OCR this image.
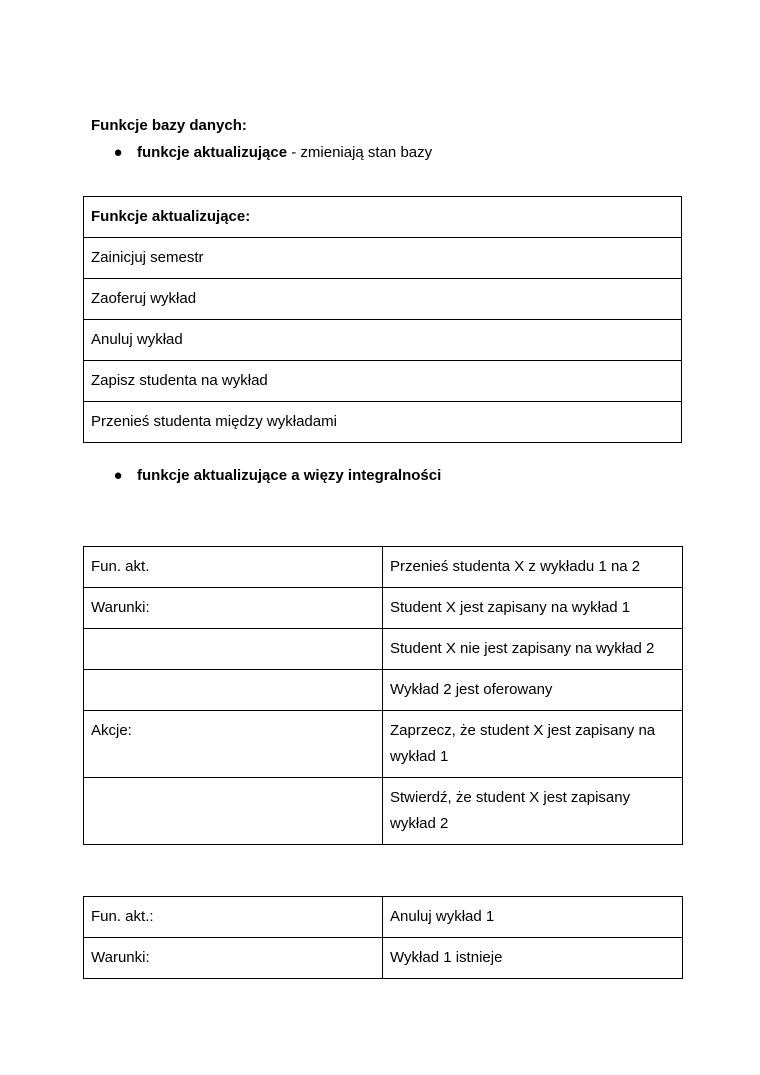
Funkcje bazy danych:
● funkcje aktualizujące - zmieniają stan bazy
Funkcje aktualizujące:
Zainicjuj semestr
Zaoferuj wykład
Anuluj wykład
Zapisz studenta na wykład
Przenieś studenta między wykładami
● funkcje aktualizujące a więzy integralności
Fun. akt.	Przenieś studenta X z wykładu 1 na 2
Warunki:	Student X jest zapisany na wykład 1
	Student X nie jest zapisany na wykład 2
	Wykład 2 jest oferowany
Akcje:	Zaprzecz, że student X jest zapisany na wykład 1
	Stwierdź, że student X jest zapisany wykład 2
Fun. akt.:	Anuluj wykład 1
Warunki:	Wykład 1 istnieje
